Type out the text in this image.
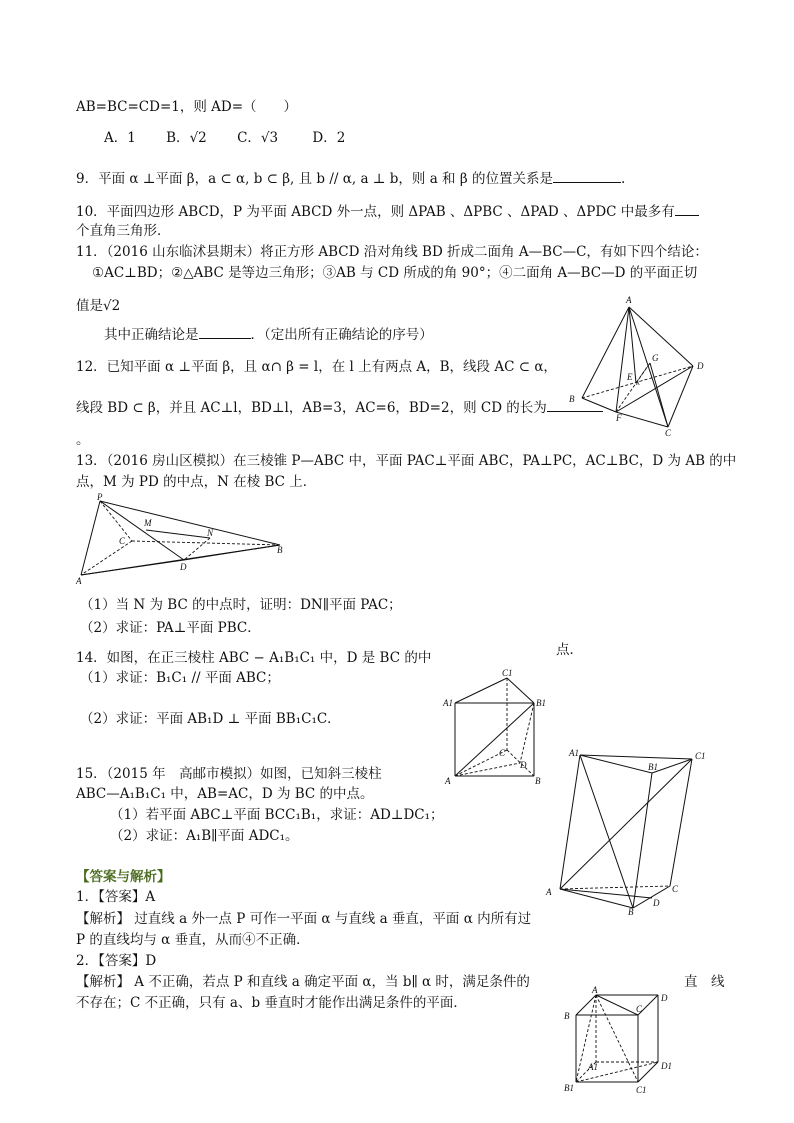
AB=BC=CD=1，则 AD=（　　）
A．1 B．√2 C．√3	D．2
9．平面 α ⊥平面 β，a ⊂ α, b ⊂ β, 且 b // α, a ⊥ b，则 a 和 β 的位置关系是	.
10．平面四边形 ABCD，P 为平面 ABCD 外一点，则 ΔPAB 、ΔPBC 、ΔPAD 、ΔPDC 中最多有
个直角三角形．
11．（2016 山东临沭县期末）将正方形 ABCD 沿对角线 BD 折成二面角 A—BC—C，有如下四个结论：
①AC⊥BD；②△ABC 是等边三角形；③AB 与 CD 所成的角 90°；④二面角 A—BC—D 的平面正切
值是√2
其中正确结论是	．（定出所有正确结论的序号）
A
G
D
E
K
B
F
C
12．已知平面 α ⊥平面 β，且 α∩ β = l，在 l 上有两点 A，B，线段 AC ⊂ α，
线段 BD ⊂ β，并且 AC⊥l，BD⊥l，AB=3，AC=6，BD=2，则 CD 的长为
。
13．（2016 房山区模拟）在三棱锥 P—ABC 中，平面 PAC⊥平面 ABC，PA⊥PC，AC⊥BC，D 为 AB 的中
点，M 为 PD 的中点，N 在棱 BC 上．
P
M
C
N
B
D
A
（1）当 N 为 BC 的中点时，证明：DN∥平面 PAC；
（2）求证：PA⊥平面 PBC．
14．如图，在正三棱柱 ABC − A₁B₁C₁ 中，D 是 BC 的中	点．
（1）求证：B₁C₁ // 平面 ABC；
（2）求证：平面 AB₁D ⊥ 平面 BB₁C₁C．
C1
A1	B1
C
D
A	B
15．（2015 年　高邮市模拟）如图，已知斜三棱柱
ABC—A₁B₁C₁ 中，AB=AC，D 为 BC 的中点。
（1）若平面 ABC⊥平面 BCC₁B₁，求证：AD⊥DC₁；
（2）求证：A₁B∥平面 ADC₁。
A1
B1
C1
A	C
B
D
【答案与解析】
1．【答案】A
【解析】 过直线 a 外一点 P 可作一平面 α 与直线 a 垂直，平面 α 内所有过
P 的直线均与 α 垂直，从而④不正确．
2．【答案】D
【解析】 A 不正确，若点 P 和直线 a 确定平面 α，当 b∥ α 时，满足条件的	直　线
不存在；C 不正确，只有 a、b 垂直时才能作出满足条件的平面．
A
D
B
C
A1	D1
B1	C1
